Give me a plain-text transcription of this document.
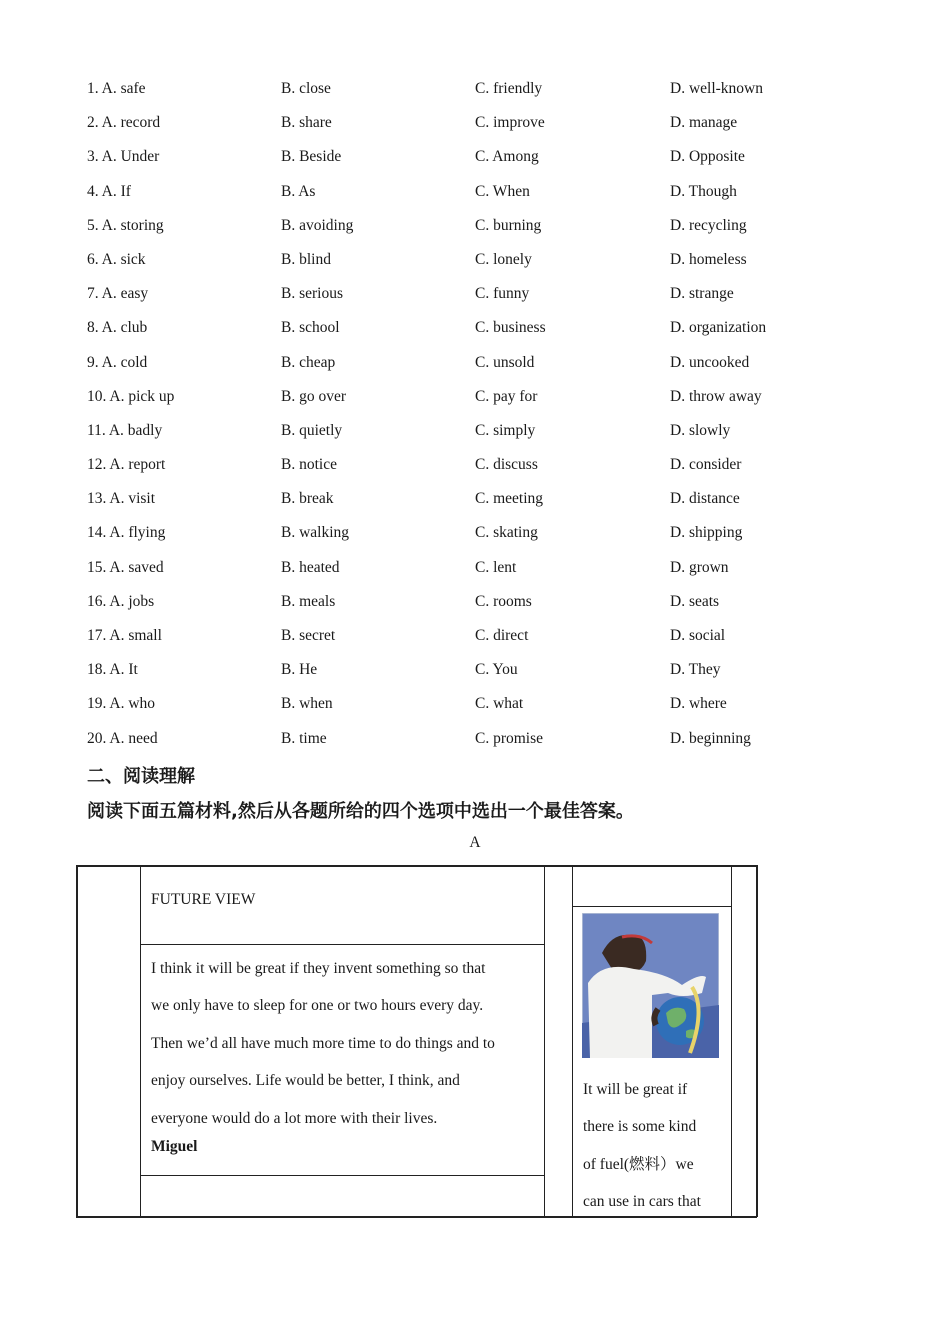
1. A. safe	B. close	C. friendly	D. well-known
2. A. record	B. share	C. improve	D. manage
3. A. Under	B. Beside	C. Among	D. Opposite
4. A. If	B. As	C. When	D. Though
5. A. storing	B. avoiding	C. burning	D. recycling
6. A. sick	B. blind	C. lonely	D. homeless
7. A. easy	B. serious	C. funny	D. strange
8. A. club	B. school	C. business	D. organization
9. A. cold	B. cheap	C. unsold	D. uncooked
10. A. pick up	B. go over	C. pay for	D. throw away
11. A. badly	B. quietly	C. simply	D. slowly
12. A. report	B. notice	C. discuss	D. consider
13. A. visit	B. break	C. meeting	D. distance
14. A. flying	B. walking	C. skating	D. shipping
15. A. saved	B. heated	C. lent	D. grown
16. A. jobs	B. meals	C. rooms	D. seats
17. A. small	B. secret	C. direct	D. social
18. A. It	B. He	C. You	D. They
19. A. who	B. when	C. what	D. where
20. A. need	B. time	C. promise	D. beginning
二、阅读理解
阅读下面五篇材料,然后从各题所给的四个选项中选出一个最佳答案。
A
FUTURE VIEW
I think it will be great if they invent something so that
we only have to sleep for one or two hours every day.
Then we’d all have much more time to do things and to
enjoy ourselves. Life would be better, I think, and
everyone would do a lot more with their lives.
Miguel
It will be great if
there is some kind
of fuel(燃料）we
can use in cars that
